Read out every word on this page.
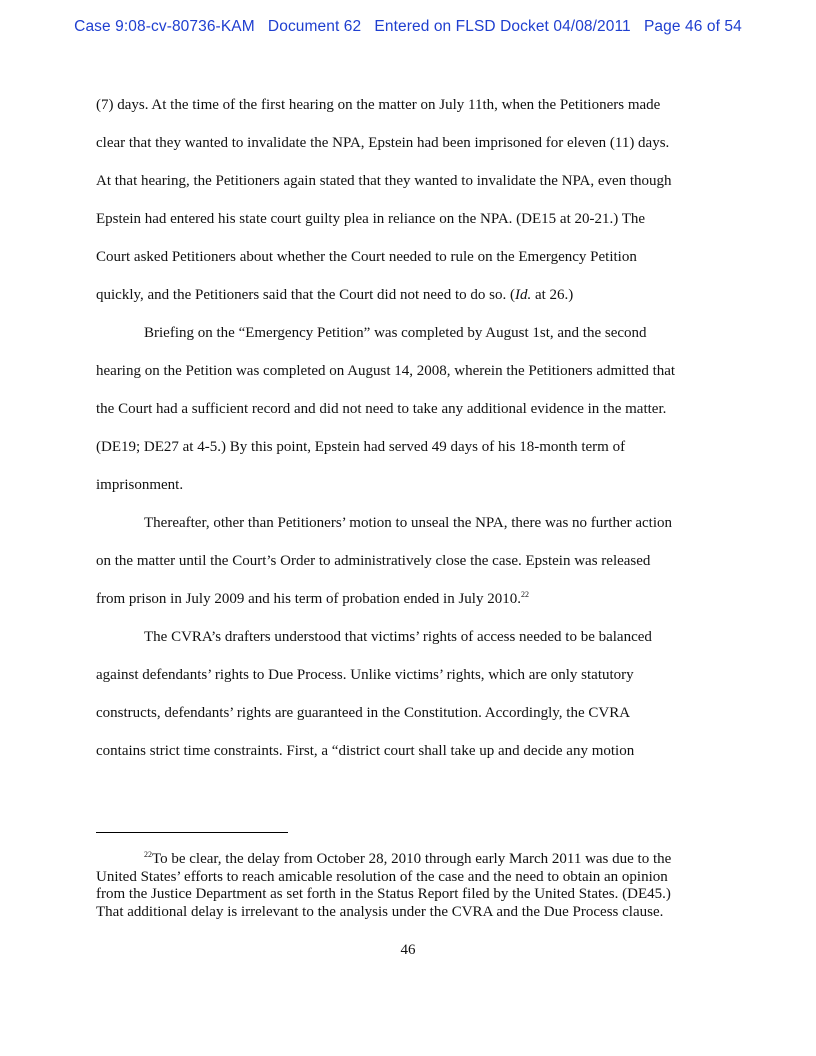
Case 9:08-cv-80736-KAM   Document 62   Entered on FLSD Docket 04/08/2011   Page 46 of 54
(7) days. At the time of the first hearing on the matter on July 11th, when the Petitioners made
clear that they wanted to invalidate the NPA, Epstein had been imprisoned for eleven (11) days.
At that hearing, the Petitioners again stated that they wanted to invalidate the NPA, even though
Epstein had entered his state court guilty plea in reliance on the NPA. (DE15 at 20-21.) The
Court asked Petitioners about whether the Court needed to rule on the Emergency Petition
quickly, and the Petitioners said that the Court did not need to do so. (Id. at 26.)
Briefing on the “Emergency Petition” was completed by August 1st, and the second
hearing on the Petition was completed on August 14, 2008, wherein the Petitioners admitted that
the Court had a sufficient record and did not need to take any additional evidence in the matter.
(DE19; DE27 at 4-5.) By this point, Epstein had served 49 days of his 18-month term of
imprisonment.
Thereafter, other than Petitioners’ motion to unseal the NPA, there was no further action
on the matter until the Court’s Order to administratively close the case. Epstein was released
from prison in July 2009 and his term of probation ended in July 2010.22
The CVRA’s drafters understood that victims’ rights of access needed to be balanced
against defendants’ rights to Due Process. Unlike victims’ rights, which are only statutory
constructs, defendants’ rights are guaranteed in the Constitution. Accordingly, the CVRA
contains strict time constraints. First, a “district court shall take up and decide any motion
$^{22}$To be clear, the delay from October 28, 2010 through early March 2011 was due to the
United States’ efforts to reach amicable resolution of the case and the need to obtain an opinion
from the Justice Department as set forth in the Status Report filed by the United States. (DE45.)
That additional delay is irrelevant to the analysis under the CVRA and the Due Process clause.
46
